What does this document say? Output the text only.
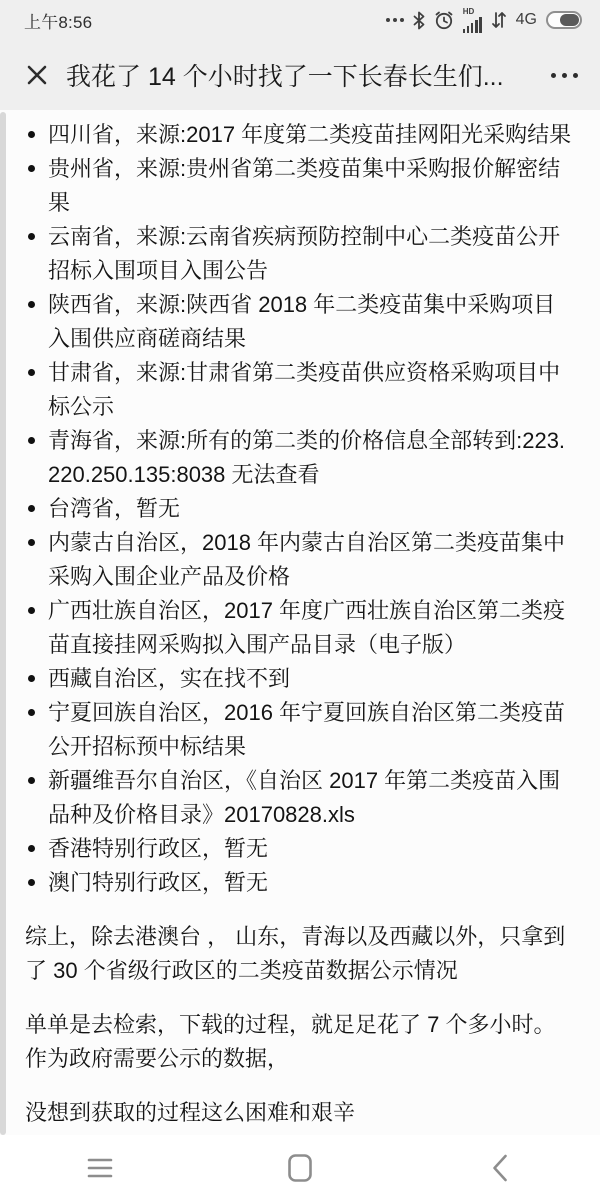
上午8:56
HD	4G
我花了 14 个小时找了一下长春长生们...
四川省，来源:2017 年度第二类疫苗挂网阳光采购结果
贵州省，来源:贵州省第二类疫苗集中采购报价解密结果
云南省，来源:云南省疾病预防控制中心二类疫苗公开招标入围项目入围公告
陕西省，来源:陕西省 2018 年二类疫苗集中采购项目入围供应商磋商结果
甘肃省，来源:甘肃省第二类疫苗供应资格采购项目中标公示
青海省，来源:所有的第二类的价格信息全部转到:223.220.250.135:8038 无法查看
台湾省，暂无
内蒙古自治区，2018 年内蒙古自治区第二类疫苗集中采购入围企业产品及价格
广西壮族自治区，2017 年度广西壮族自治区第二类疫苗直接挂网采购拟入围产品目录（电子版）
西藏自治区，实在找不到
宁夏回族自治区，2016 年宁夏回族自治区第二类疫苗公开招标预中标结果
新疆维吾尔自治区，《自治区 2017 年第二类疫苗入围品种及价格目录》20170828.xls
香港特别行政区，暂无
澳门特别行政区，暂无

综上，除去港澳台 ， 山东，青海以及西藏以外，只拿到了 30 个省级行政区的二类疫苗数据公示情况

单单是去检索，下载的过程，就足足花了 7 个多小时。作为政府需要公示的数据，

没想到获取的过程这么困难和艰辛
